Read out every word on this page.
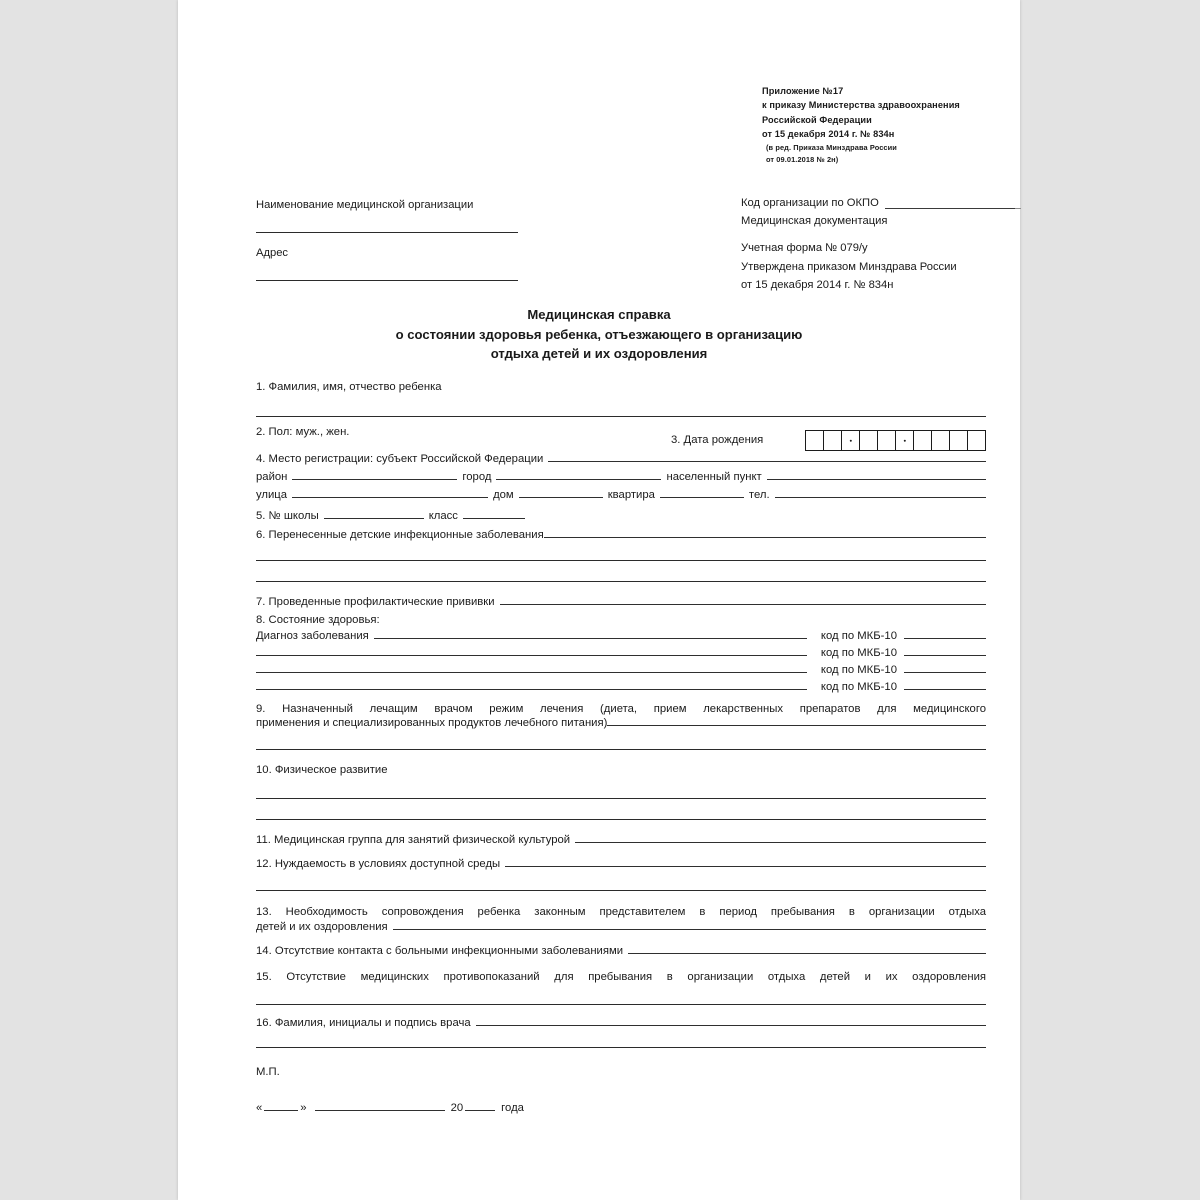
Приложение №17
к приказу Министерства здравоохранения
Российской Федерации
от 15 декабря 2014 г. № 834н
(в ред. Приказа Минздрава России
от 09.01.2018 № 2н)
Наименование медицинской организации
Адрес
Код организации по ОКПО
Медицинская документация
Учетная форма № 079/у
Утверждена приказом Минздрава России
от 15 декабря 2014 г. № 834н
Медицинская справка
о состоянии здоровья ребенка, отъезжающего в организацию
отдыха детей и их оздоровления
1. Фамилия, имя, отчество ребенка
2. Пол: муж., жен.
3. Дата рождения
4. Место регистрации: субъект Российской Федерации
район	город	населенный пункт
улица	дом	квартира	тел.
5. № школы	класс
6. Перенесенные детские инфекционные заболевания
7. Проведенные профилактические прививки
8. Состояние здоровья:
Диагноз заболевания	код по МКБ-10
код по МКБ-10
код по МКБ-10
код по МКБ-10
9. Назначенный лечащим врачом режим лечения (диета, прием лекарственных препаратов для медицинского
применения и специализированных продуктов лечебного питания)
10. Физическое развитие
11. Медицинская группа для занятий физической культурой
12. Нуждаемость в условиях доступной среды
13. Необходимость сопровождения ребенка законным представителем в период пребывания в организации отдыха
детей и их оздоровления
14. Отсутствие контакта с больными инфекционными заболеваниями
15. Отсутствие медицинских противопоказаний для пребывания в организации отдыха детей и их оздоровления
16. Фамилия, инициалы и подпись врача
М.П.
«	»	20	года
